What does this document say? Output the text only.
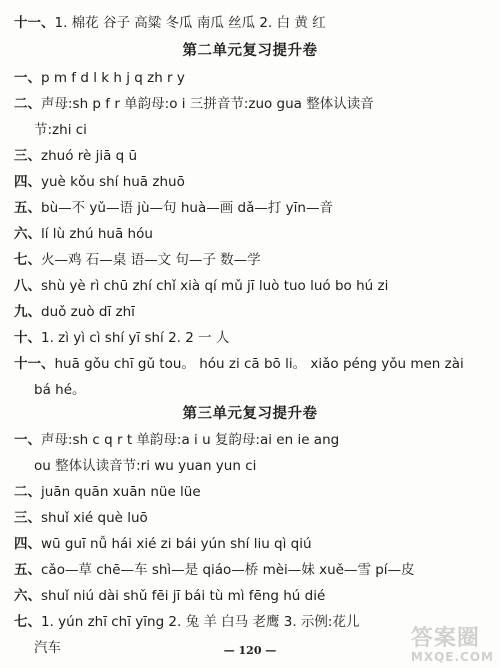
十一、1. 棉花 谷子 高粱 冬瓜 南瓜 丝瓜 2. 白 黄 红
第二单元复习提升卷
一、p m f d l k h j q zh r y
二、声母:sh p f r 单韵母:o i 三拼音节:zuo gua 整体认读音
节:zhi ci
三、zhuó rè jiā q ū
四、yuè kǒu shí huā zhuō
五、bù—不 yǔ—语 jù—句 huà—画 dǎ—打 yīn—音
六、lí lù zhú huā hóu
七、火—鸡 石—桌 语—文 句—子 数—学
八、shù yè rì chū zhí chǐ xià qí mǔ jī luò tuo luó bo hú zi
九、duǒ zuò dī zhī
十、1. zì yì cì shí yī shí 2. 2 一 人
十一、huā gǒu chī gǔ tou。 hóu zi cā bō li。 xiǎo péng yǒu men zài
bá hé。
第三单元复习提升卷
一、声母:sh c q r t 单韵母:a i u 复韵母:ai en ie ang
ou 整体认读音节:ri wu yuan yun ci
二、juān quān xuān nüe lüe
三、shuǐ xié què luō
四、wū guī nǚ hái xié zi bái yún shí liu qì qiú
五、cǎo—草 chē—车 shì—是 qiáo—桥 mèi—妹 xuě—雪 pí—皮
六、shuǐ niú dài shǔ fēi jī bái tù mì fēng hú dié
七、1. yún zhī chī yīng 2. 兔 羊 白马 老鹰 3. 示例:花儿
汽车	— 120 —	答案圈
MXQE.COM
